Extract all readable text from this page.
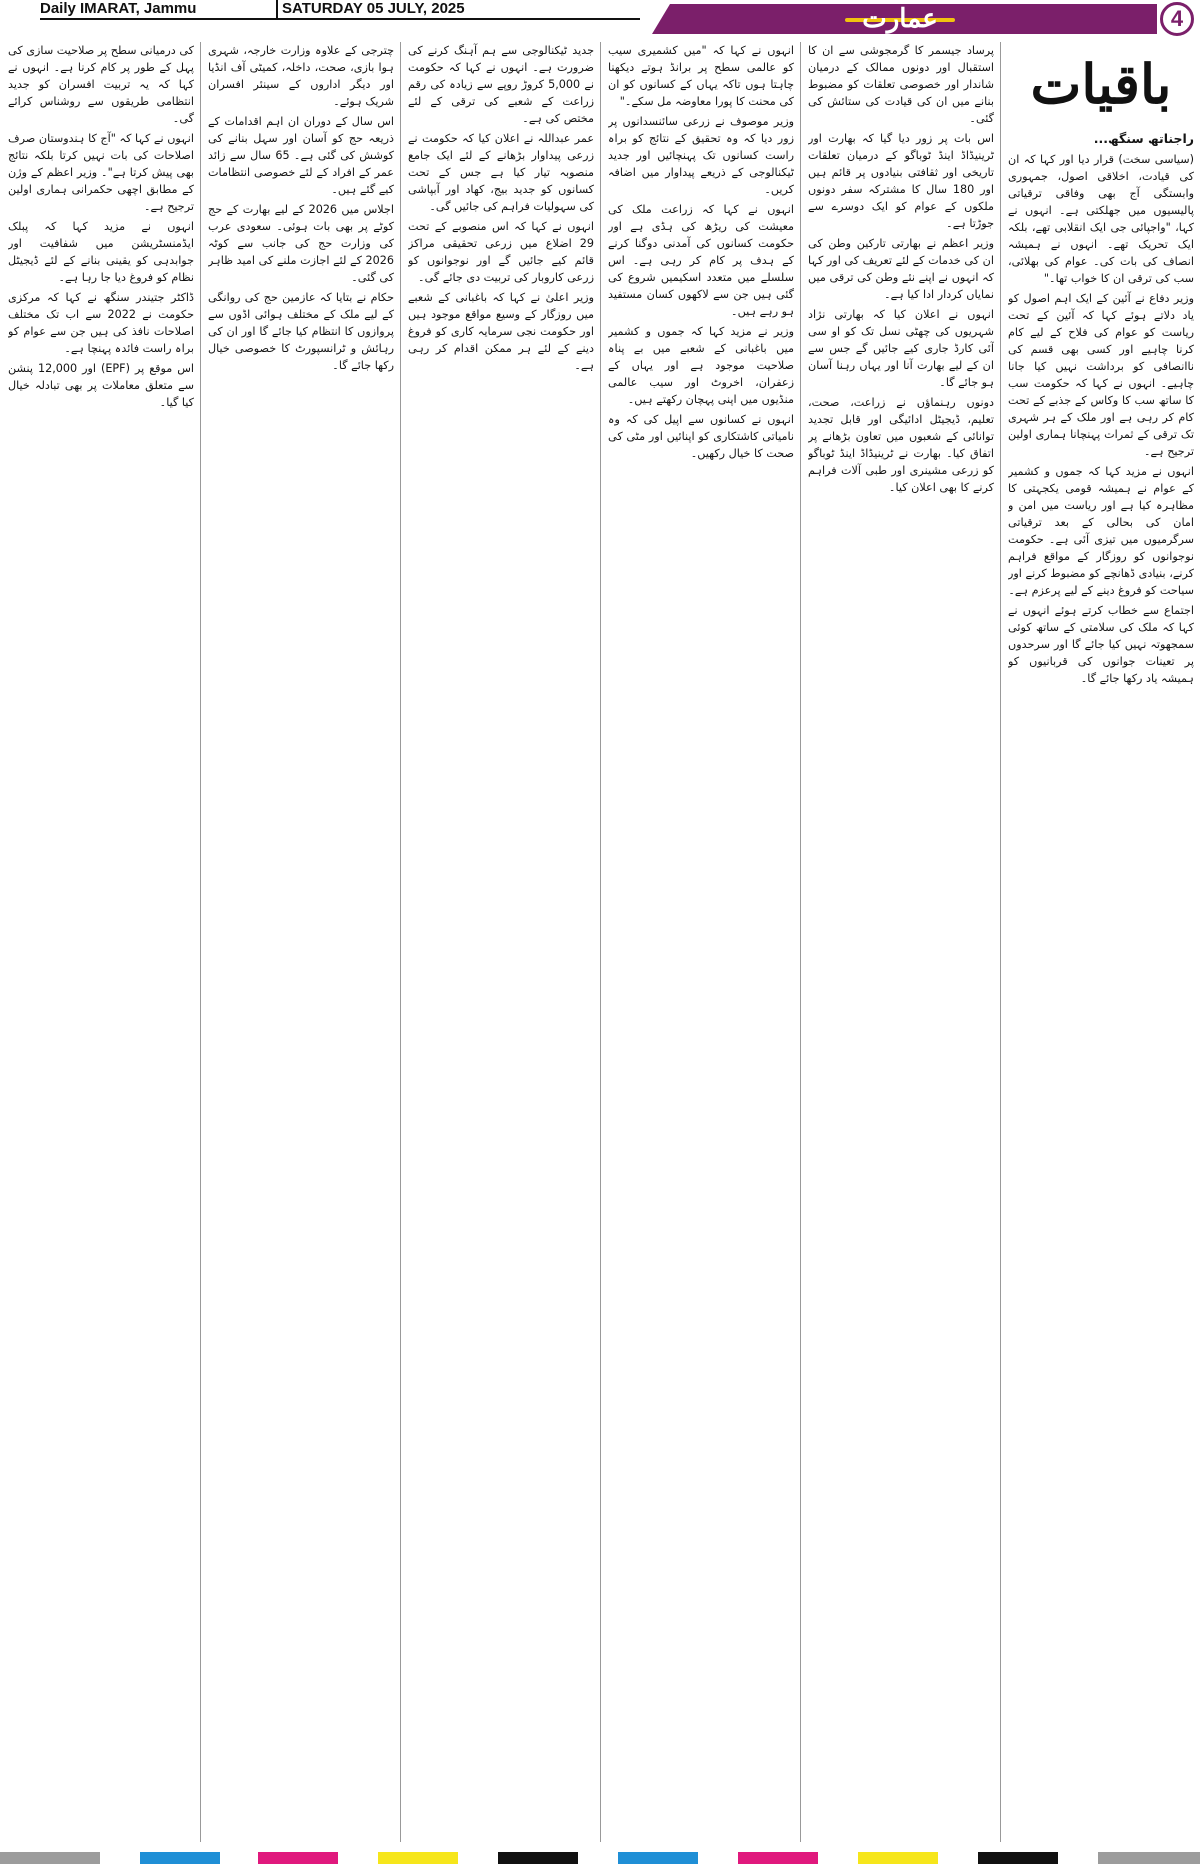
Daily IMARAT, Jammu	SATURDAY 05 JULY, 2025	عمارت	4
باقیات
راجناتھ سنگھ...

(سیاسی سخت) قرار دیا اور کہا کہ ان کی قیادت، اخلاقی اصول، جمہوری وابستگی آج بھی وفاقی ترقیاتی پالیسیوں میں جھلکتی ہے۔ انہوں نے کہا، "واجپائی جی ایک انقلابی تھے، بلکہ ایک تحریک تھے۔ انہوں نے ہمیشہ انصاف کی بات کی۔ عوام کی بھلائی، سب کی ترقی ان کا خواب تھا۔"

وزیر دفاع نے آئین کے ایک اہم اصول کو یاد دلاتے ہوئے کہا کہ آئین کے تحت ریاست کو عوام کی فلاح کے لیے کام کرنا چاہیے اور کسی بھی قسم کی ناانصافی کو برداشت نہیں کیا جانا چاہیے۔ انہوں نے کہا کہ حکومت سب کا ساتھ سب کا وکاس کے جذبے کے تحت کام کر رہی ہے اور ملک کے ہر شہری تک ترقی کے ثمرات پہنچانا ہماری اولین ترجیح ہے۔

انہوں نے مزید کہا کہ جموں و کشمیر کے عوام نے ہمیشہ قومی یکجہتی کا مظاہرہ کیا ہے اور ریاست میں امن و امان کی بحالی کے بعد ترقیاتی سرگرمیوں میں تیزی آئی ہے۔ حکومت نوجوانوں کو روزگار کے مواقع فراہم کرنے، بنیادی ڈھانچے کو مضبوط کرنے اور سیاحت کو فروغ دینے کے لیے پرعزم ہے۔

اجتماع سے خطاب کرتے ہوئے انہوں نے کہا کہ ملک کی سلامتی کے ساتھ کوئی سمجھوتہ نہیں کیا جائے گا اور سرحدوں پر تعینات جوانوں کی قربانیوں کو ہمیشہ یاد رکھا جائے گا۔

پرساد جیسمر کا گرمجوشی سے ان کا استقبال اور دونوں ممالک کے درمیان شاندار اور خصوصی تعلقات کو مضبوط بنانے میں ان کی قیادت کی ستائش کی گئی۔

اس بات پر زور دیا گیا کہ بھارت اور ٹرینیڈاڈ اینڈ ٹوباگو کے درمیان تعلقات تاریخی اور ثقافتی بنیادوں پر قائم ہیں اور 180 سال کا مشترکہ سفر دونوں ملکوں کے عوام کو ایک دوسرے سے جوڑتا ہے۔

وزیر اعظم نے بھارتی تارکین وطن کی ان کی خدمات کے لئے تعریف کی اور کہا کہ انہوں نے اپنے نئے وطن کی ترقی میں نمایاں کردار ادا کیا ہے۔

انہوں نے اعلان کیا کہ بھارتی نژاد شہریوں کی چھٹی نسل تک کو او سی آئی کارڈ جاری کیے جائیں گے جس سے ان کے لیے بھارت آنا اور یہاں رہنا آسان ہو جائے گا۔

دونوں رہنماؤں نے زراعت، صحت، تعلیم، ڈیجیٹل ادائیگی اور قابل تجدید توانائی کے شعبوں میں تعاون بڑھانے پر اتفاق کیا۔ بھارت نے ٹرینیڈاڈ اینڈ ٹوباگو کو زرعی مشینری اور طبی آلات فراہم کرنے کا بھی اعلان کیا۔

انہوں نے کہا کہ "میں کشمیری سیب کو عالمی سطح پر برانڈ ہوتے دیکھنا چاہتا ہوں تاکہ یہاں کے کسانوں کو ان کی محنت کا پورا معاوضہ مل سکے۔"

وزیر موصوف نے زرعی سائنسدانوں پر زور دیا کہ وہ تحقیق کے نتائج کو براہ راست کسانوں تک پہنچائیں اور جدید ٹیکنالوجی کے ذریعے پیداوار میں اضافہ کریں۔

انہوں نے کہا کہ زراعت ملک کی معیشت کی ریڑھ کی ہڈی ہے اور حکومت کسانوں کی آمدنی دوگنا کرنے کے ہدف پر کام کر رہی ہے۔ اس سلسلے میں متعدد اسکیمیں شروع کی گئی ہیں جن سے لاکھوں کسان مستفید ہو رہے ہیں۔

وزیر نے مزید کہا کہ جموں و کشمیر میں باغبانی کے شعبے میں بے پناہ صلاحیت موجود ہے اور یہاں کے زعفران، اخروٹ اور سیب عالمی منڈیوں میں اپنی پہچان رکھتے ہیں۔

انہوں نے کسانوں سے اپیل کی کہ وہ نامیاتی کاشتکاری کو اپنائیں اور مٹی کی صحت کا خیال رکھیں۔

جدید ٹیکنالوجی سے ہم آہنگ کرنے کی ضرورت ہے۔ انہوں نے کہا کہ حکومت نے 5,000 کروڑ روپے سے زیادہ کی رقم زراعت کے شعبے کی ترقی کے لئے مختص کی ہے۔

عمر عبداللہ نے اعلان کیا کہ حکومت نے زرعی پیداوار بڑھانے کے لئے ایک جامع منصوبہ تیار کیا ہے جس کے تحت کسانوں کو جدید بیج، کھاد اور آبپاشی کی سہولیات فراہم کی جائیں گی۔

انہوں نے کہا کہ اس منصوبے کے تحت 29 اضلاع میں زرعی تحقیقی مراکز قائم کیے جائیں گے اور نوجوانوں کو زرعی کاروبار کی تربیت دی جائے گی۔

وزیر اعلیٰ نے کہا کہ باغبانی کے شعبے میں روزگار کے وسیع مواقع موجود ہیں اور حکومت نجی سرمایہ کاری کو فروغ دینے کے لئے ہر ممکن اقدام کر رہی ہے۔

چترجی کے علاوہ وزارت خارجہ، شہری ہوا بازی، صحت، داخلہ، کمیٹی آف انڈیا اور دیگر اداروں کے سینئر افسران شریک ہوئے۔

اس سال کے دوران ان اہم اقدامات کے ذریعہ حج کو آسان اور سہل بنانے کی کوشش کی گئی ہے۔ 65 سال سے زائد عمر کے افراد کے لئے خصوصی انتظامات کیے گئے ہیں۔

اجلاس میں 2026 کے لیے بھارت کے حج کوٹے پر بھی بات ہوئی۔ سعودی عرب کی وزارت حج کی جانب سے کوٹہ 2026 کے لئے اجازت ملنے کی امید ظاہر کی گئی۔

حکام نے بتایا کہ عازمین حج کی روانگی کے لیے ملک کے مختلف ہوائی اڈوں سے پروازوں کا انتظام کیا جائے گا اور ان کی رہائش و ٹرانسپورٹ کا خصوصی خیال رکھا جائے گا۔

کی درمیانی سطح پر صلاحیت سازی کی پہل کے طور پر کام کرنا ہے۔ انہوں نے کہا کہ یہ تربیت افسران کو جدید انتظامی طریقوں سے روشناس کرائے گی۔

انہوں نے کہا کہ "آج کا ہندوستان صرف اصلاحات کی بات نہیں کرتا بلکہ نتائج بھی پیش کرتا ہے"۔ وزیر اعظم کے وژن کے مطابق اچھی حکمرانی ہماری اولین ترجیح ہے۔

انہوں نے مزید کہا کہ پبلک ایڈمنسٹریشن میں شفافیت اور جوابدہی کو یقینی بنانے کے لئے ڈیجیٹل نظام کو فروغ دیا جا رہا ہے۔

ڈاکٹر جتیندر سنگھ نے کہا کہ مرکزی حکومت نے 2022 سے اب تک مختلف اصلاحات نافذ کی ہیں جن سے عوام کو براہ راست فائدہ پہنچا ہے۔

اس موقع پر (EPF) اور 12,000 پنشن سے متعلق معاملات پر بھی تبادلہ خیال کیا گیا۔
